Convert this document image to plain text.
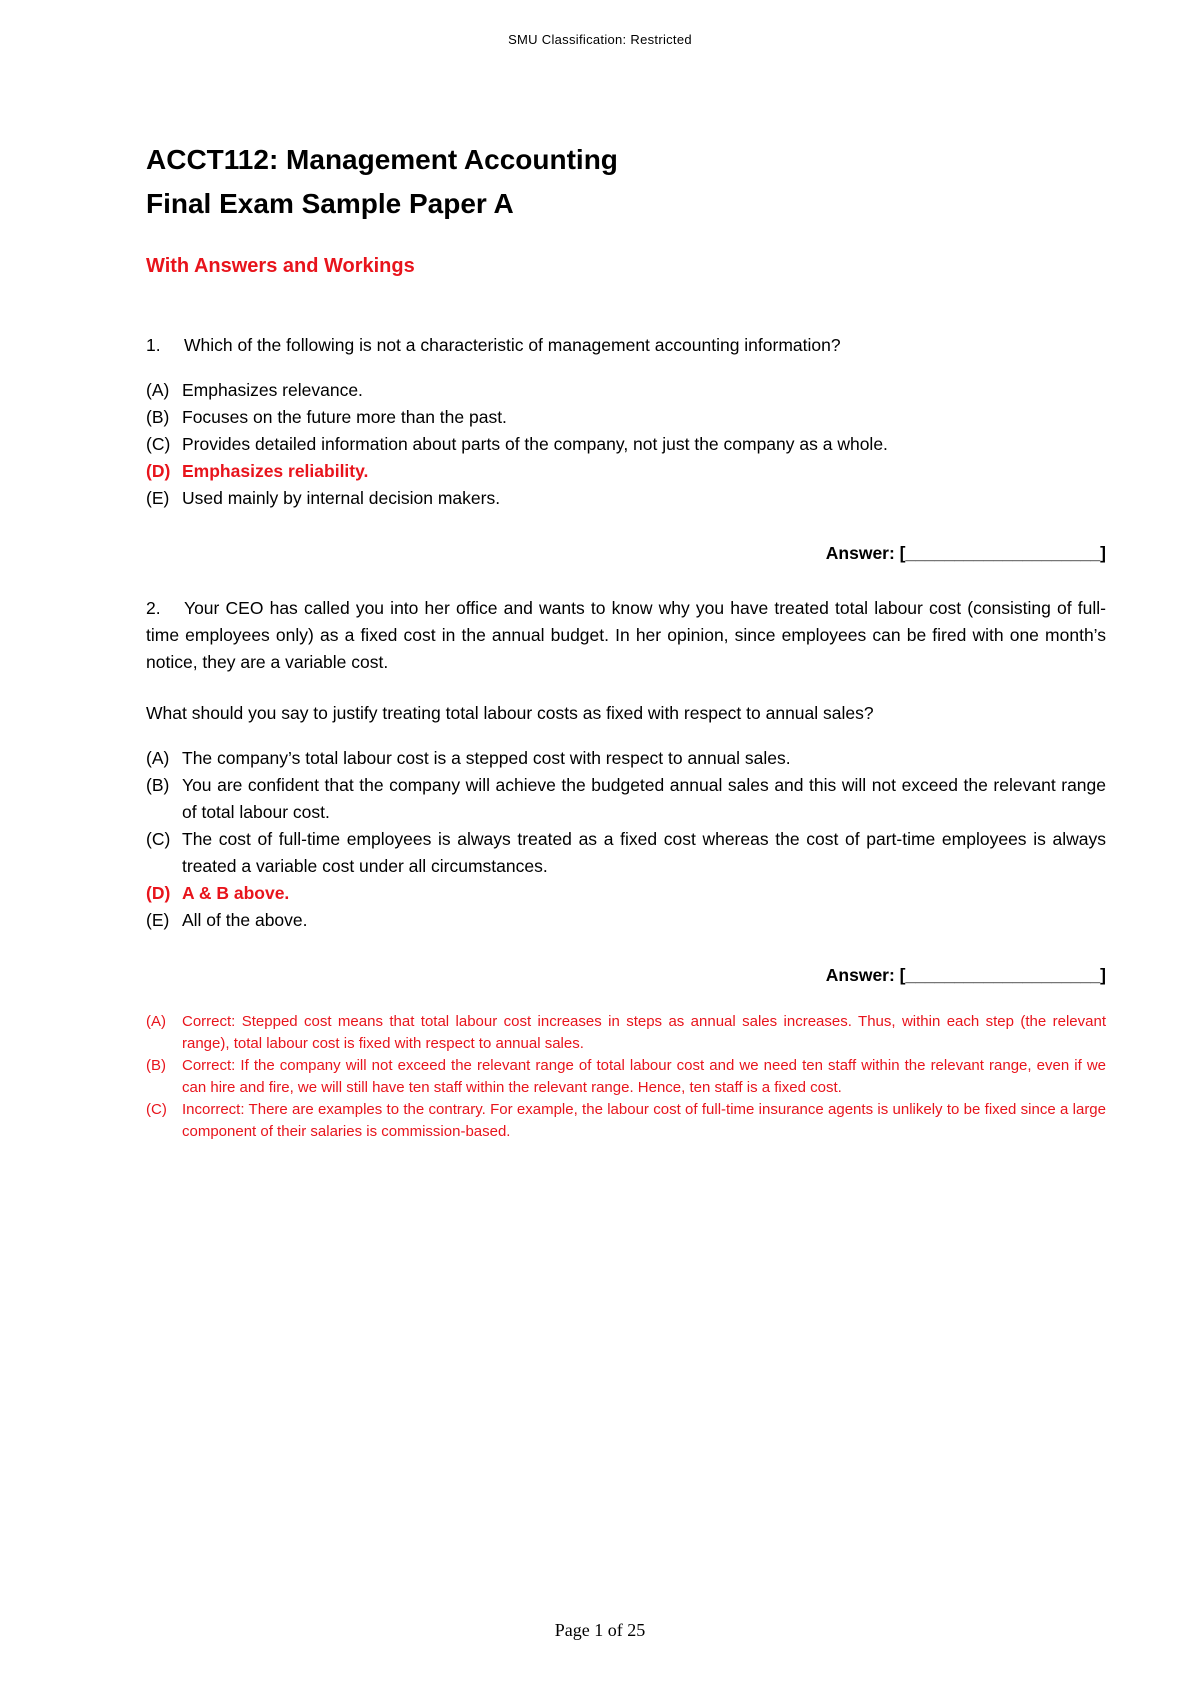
SMU Classification: Restricted
ACCT112: Management Accounting
Final Exam Sample Paper A
With Answers and Workings
1. Which of the following is not a characteristic of management accounting information?
(A) Emphasizes relevance.
(B) Focuses on the future more than the past.
(C) Provides detailed information about parts of the company, not just the company as a whole.
(D) Emphasizes reliability.
(E) Used mainly by internal decision makers.
Answer: [____________________]
2. Your CEO has called you into her office and wants to know why you have treated total labour cost (consisting of full-time employees only) as a fixed cost in the annual budget. In her opinion, since employees can be fired with one month’s notice, they are a variable cost.
What should you say to justify treating total labour costs as fixed with respect to annual sales?
(A) The company’s total labour cost is a stepped cost with respect to annual sales.
(B) You are confident that the company will achieve the budgeted annual sales and this will not exceed the relevant range of total labour cost.
(C) The cost of full-time employees is always treated as a fixed cost whereas the cost of part-time employees is always treated a variable cost under all circumstances.
(D) A & B above.
(E) All of the above.
Answer: [____________________]
(A) Correct: Stepped cost means that total labour cost increases in steps as annual sales increases. Thus, within each step (the relevant range), total labour cost is fixed with respect to annual sales.
(B) Correct: If the company will not exceed the relevant range of total labour cost and we need ten staff within the relevant range, even if we can hire and fire, we will still have ten staff within the relevant range. Hence, ten staff is a fixed cost.
(C) Incorrect: There are examples to the contrary. For example, the labour cost of full-time insurance agents is unlikely to be fixed since a large component of their salaries is commission-based.
Page 1 of 25
